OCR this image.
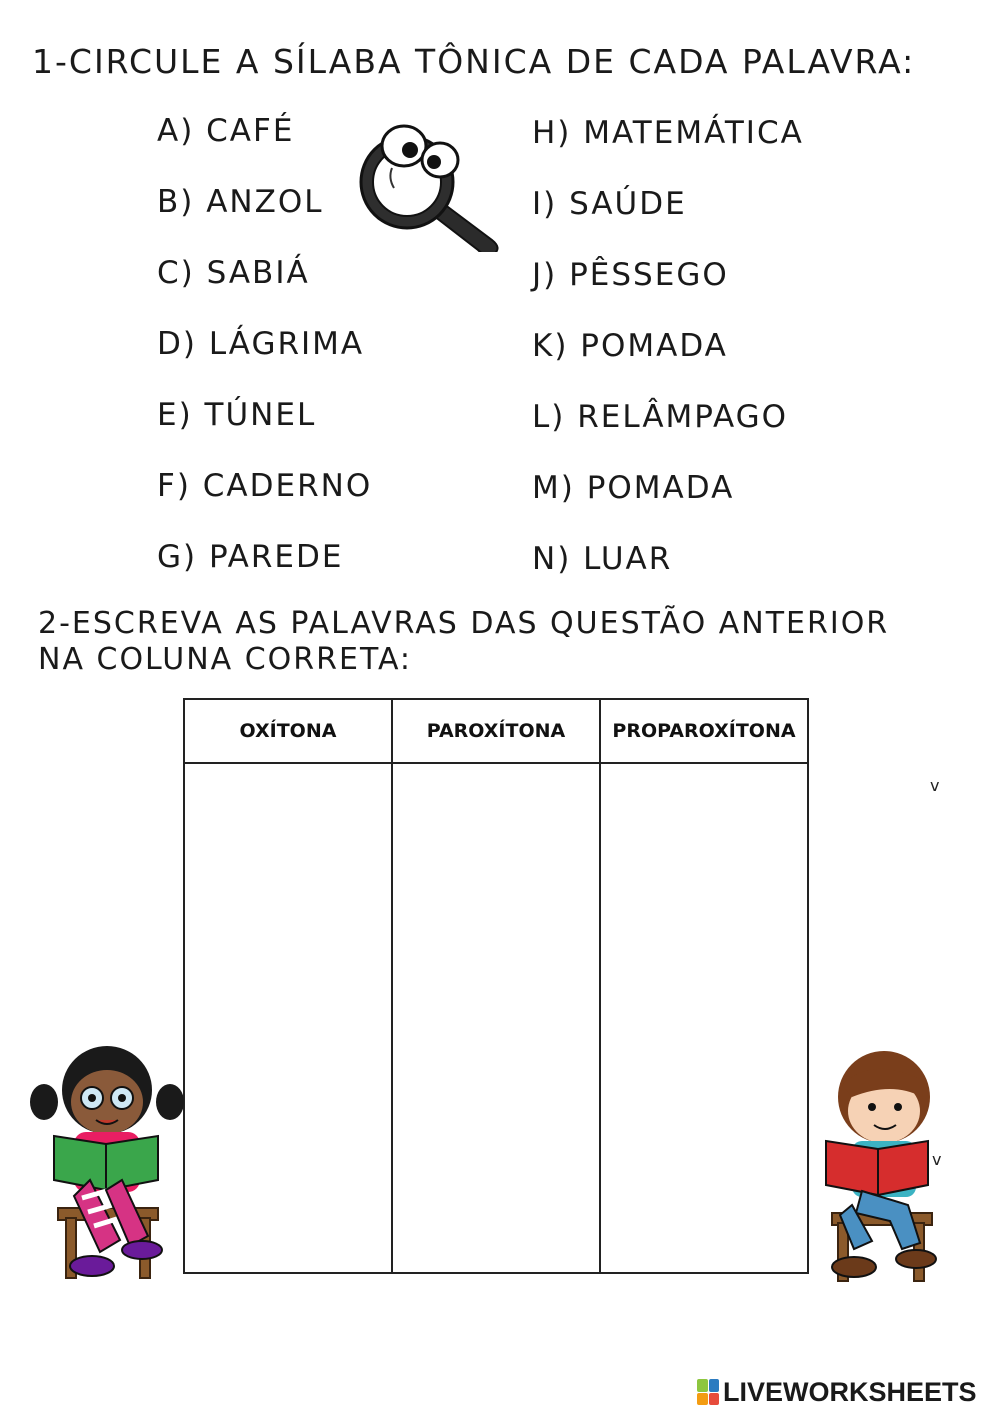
1-CIRCULE A SÍLABA TÔNICA DE CADA PALAVRA:
A) CAFÉ
B) ANZOL
C) SABIÁ
D) LÁGRIMA
E) TÚNEL
F) CADERNO
G) PAREDE
H) MATEMÁTICA
I) SAÚDE
J) PÊSSEGO
K) POMADA
L) RELÂMPAGO
M) POMADA
N) LUAR
2-ESCREVA AS PALAVRAS DAS QUESTÃO ANTERIOR
NA COLUNA CORRETA:
OXÍTONA	PAROXÍTONA	PROPAROXÍTONA
v
v
LIVEWORKSHEETS
